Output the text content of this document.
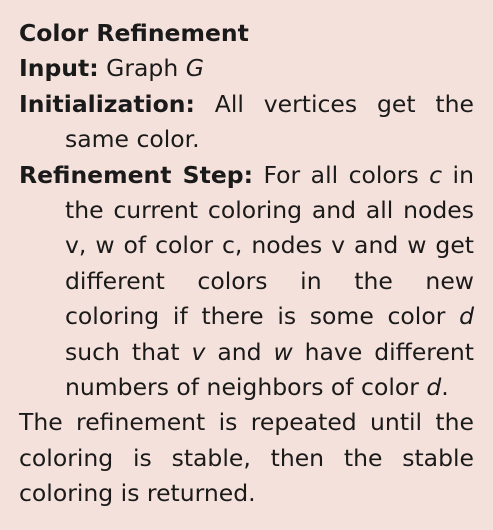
Color Refinement

Input: Graph G

Initialization: All vertices get the same color.

Refinement Step: For all colors c in the current coloring and all nodes v, w of color c, nodes v and w get different colors in the new coloring if there is some color d such that v and w have different numbers of neighbors of color d.

The refinement is repeated until the coloring is stable, then the stable coloring is returned.
